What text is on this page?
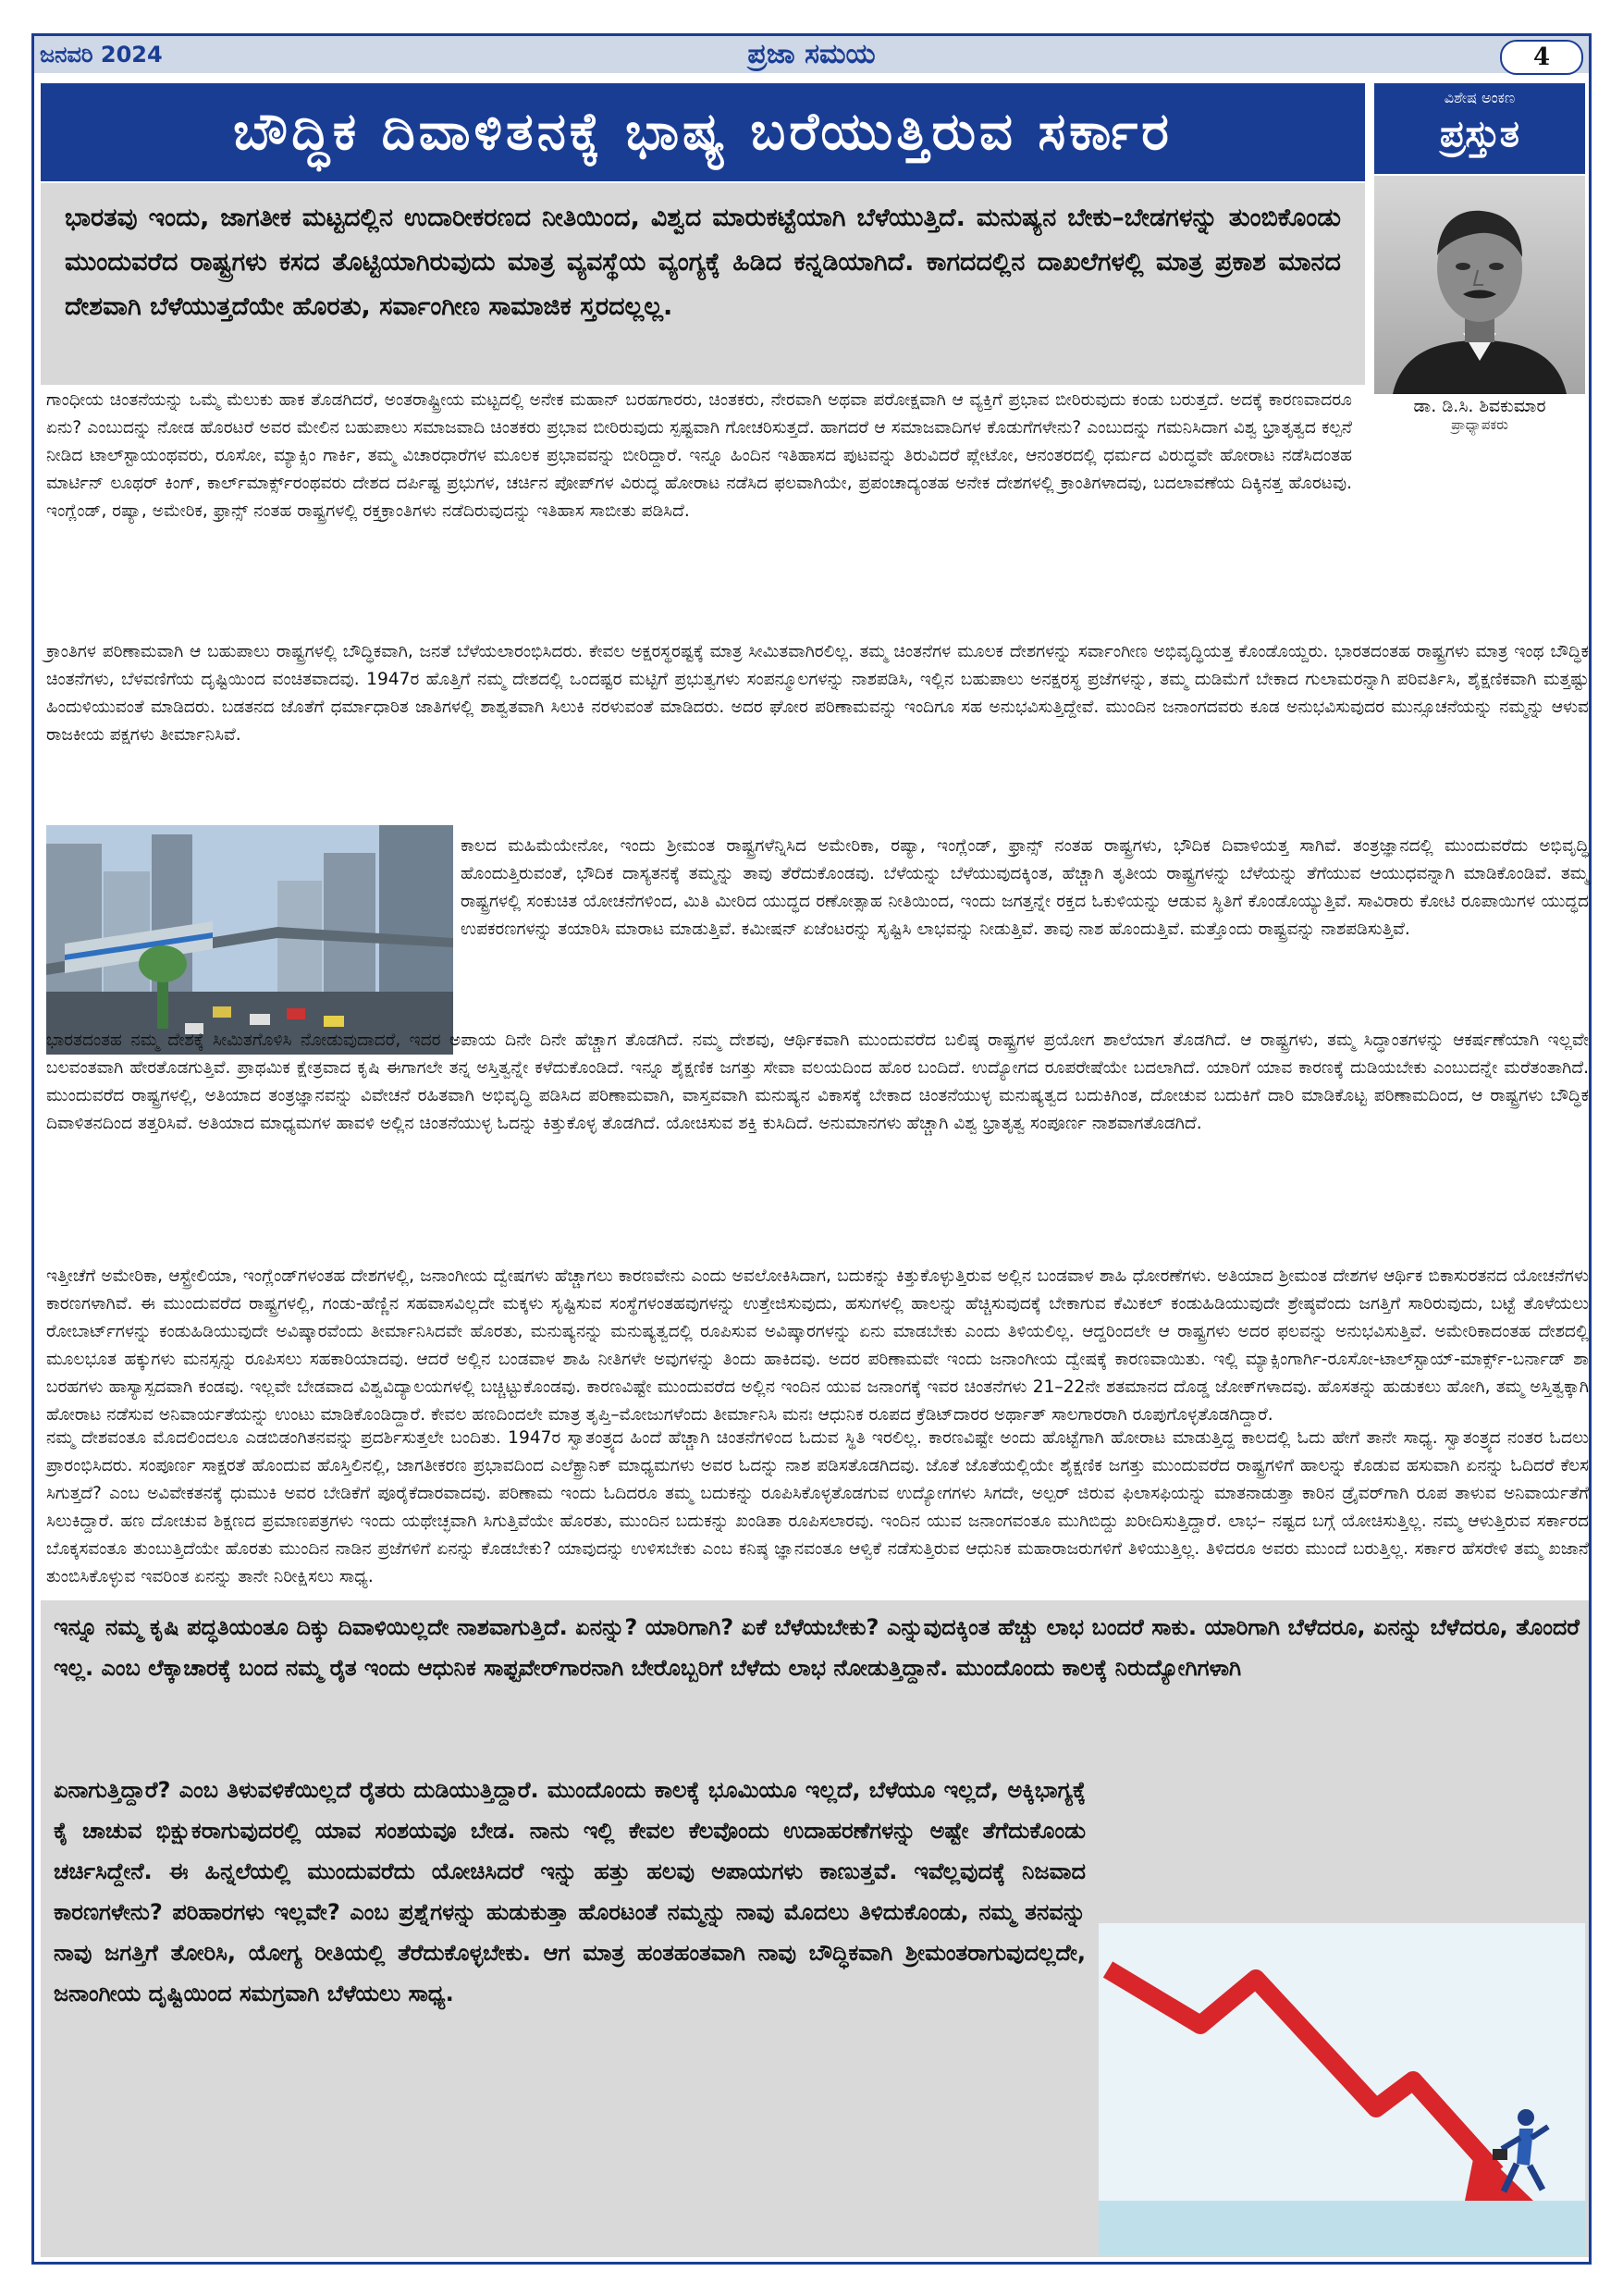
ಜನವರಿ 2024	ಪ್ರಜಾ ಸಮಯ	4
ಬೌದ್ಧಿಕ ದಿವಾಳಿತನಕ್ಕೆ ಭಾಷ್ಯ ಬರೆಯುತ್ತಿರುವ ಸರ್ಕಾರ
ಭಾರತವು ಇಂದು, ಜಾಗತೀಕ ಮಟ್ಟದಲ್ಲಿನ ಉದಾರೀಕರಣದ ನೀತಿಯಿಂದ, ವಿಶ್ವದ ಮಾರುಕಟ್ಟೆಯಾಗಿ ಬೆಳೆಯುತ್ತಿದೆ. ಮನುಷ್ಯನ ಬೇಕು–ಬೇಡಗಳನ್ನು ತುಂಬಿಕೊಂಡು ಮುಂದುವರೆದ ರಾಷ್ಟ್ರಗಳು ಕಸದ ತೊಟ್ಟಿಯಾಗಿರುವುದು ಮಾತ್ರ ವ್ಯವಸ್ಥೆಯ ವ್ಯಂಗ್ಯಕ್ಕೆ ಹಿಡಿದ ಕನ್ನಡಿಯಾಗಿದೆ. ಕಾಗದದಲ್ಲಿನ ದಾಖಲೆಗಳಲ್ಲಿ ಮಾತ್ರ ಪ್ರಕಾಶ ಮಾನದ ದೇಶವಾಗಿ ಬೆಳೆಯುತ್ತದೆಯೇ ಹೊರತು, ಸರ್ವಾಂಗೀಣ ಸಾಮಾಜಿಕ ಸ್ತರದಲ್ಲಲ್ಲ.
ವಿಶೇಷ ಅಂಕಣ
ಪ್ರಸ್ತುತ
ಡಾ. ಡಿ.ಸಿ. ಶಿವಕುಮಾರ
ಪ್ರಾಧ್ಯಾಪಕರು

ಗಾಂಧೀಯ ಚಿಂತನೆಯನ್ನು ಒಮ್ಮೆ ಮೆಲುಕು ಹಾಕ ತೊಡಗಿದರೆ, ಅಂತರಾಷ್ಟ್ರೀಯ ಮಟ್ಟದಲ್ಲಿ ಅನೇಕ ಮಹಾನ್ ಬರಹಗಾರರು, ಚಿಂತಕರು, ನೇರವಾಗಿ ಅಥವಾ ಪರೋಕ್ಷವಾಗಿ ಆ ವ್ಯಕ್ತಿಗೆ ಪ್ರಭಾವ ಬೀರಿರುವುದು ಕಂಡು ಬರುತ್ತದೆ. ಅದಕ್ಕೆ ಕಾರಣವಾದರೂ ಏನು? ಎಂಬುದನ್ನು ನೋಡ ಹೊರಟರೆ ಅವರ ಮೇಲಿನ ಬಹುಪಾಲು ಸಮಾಜವಾದಿ ಚಿಂತಕರು ಪ್ರಭಾವ ಬೀರಿರುವುದು ಸ್ಪಷ್ಟವಾಗಿ ಗೋಚರಿಸುತ್ತದೆ. ಹಾಗದರೆ ಆ ಸಮಾಜವಾದಿಗಳ ಕೊಡುಗೆಗಳೇನು? ಎಂಬುದನ್ನು ಗಮನಿಸಿದಾಗ ವಿಶ್ವ ಭ್ರಾತೃತ್ವದ ಕಲ್ಪನೆ ನೀಡಿದ ಟಾಲ್‌ಸ್ಟಾಯಂಥವರು, ರೂಸೋ, ಮ್ಯಾಕ್ಸಿಂ ಗಾರ್ಕಿ, ತಮ್ಮ ವಿಚಾರಧಾರೆಗಳ ಮೂಲಕ ಪ್ರಭಾವವನ್ನು ಬೀರಿದ್ದಾರೆ. ಇನ್ನೂ ಹಿಂದಿನ ಇತಿಹಾಸದ ಪುಟವನ್ನು ತಿರುವಿದರೆ ಪ್ಲೇಟೋ, ಆನಂತರದಲ್ಲಿ ಧರ್ಮದ ವಿರುದ್ಧವೇ ಹೋರಾಟ ನಡೆಸಿದಂತಹ ಮಾರ್ಟಿನ್ ಲೂಥರ್ ಕಿಂಗ್, ಕಾರ್ಲ್‌ಮಾರ್ಕ್ಸ್‌ರಂಥವರು ದೇಶದ ದರ್ಪಿಷ್ಟ ಪ್ರಭುಗಳ, ಚರ್ಚಿನ ಪೋಪ್‌ಗಳ ವಿರುದ್ಧ ಹೋರಾಟ ನಡೆಸಿದ ಫಲವಾಗಿಯೇ, ಪ್ರಪಂಚಾದ್ಯಂತಹ ಅನೇಕ ದೇಶಗಳಲ್ಲಿ ಕ್ರಾಂತಿಗಳಾದವು, ಬದಲಾವಣೆಯ ದಿಕ್ಕಿನತ್ತ ಹೊರಟವು. ಇಂಗ್ಲೆಂಡ್, ರಷ್ಯಾ, ಅಮೇರಿಕ, ಫ್ರಾನ್ಸ್ ನಂತಹ ರಾಷ್ಟ್ರಗಳಲ್ಲಿ ರಕ್ತಕ್ರಾಂತಿಗಳು ನಡೆದಿರುವುದನ್ನು ಇತಿಹಾಸ ಸಾಬೀತು ಪಡಿಸಿದೆ.

ಕ್ರಾಂತಿಗಳ ಪರಿಣಾಮವಾಗಿ ಆ ಬಹುಪಾಲು ರಾಷ್ಟ್ರಗಳಲ್ಲಿ ಬೌದ್ಧಿಕವಾಗಿ, ಜನತೆ ಬೆಳೆಯಲಾರಂಭಿಸಿದರು. ಕೇವಲ ಅಕ್ಷರಸ್ಥರಷ್ಟಕ್ಕೆ ಮಾತ್ರ ಸೀಮಿತವಾಗಿರಲಿಲ್ಲ. ತಮ್ಮ ಚಿಂತನೆಗಳ ಮೂಲಕ ದೇಶಗಳನ್ನು ಸರ್ವಾಂಗೀಣ ಅಭಿವೃದ್ಧಿಯತ್ತ ಕೊಂಡೊಯ್ದರು. ಭಾರತದಂತಹ ರಾಷ್ಟ್ರಗಳು ಮಾತ್ರ ಇಂಥ ಬೌದ್ಧಿಕ ಚಿಂತನೆಗಳು, ಬೆಳವಣಿಗೆಯ ದೃಷ್ಟಿಯಿಂದ ವಂಚಿತವಾದವು. 1947ರ ಹೊತ್ತಿಗೆ ನಮ್ಮ ದೇಶದಲ್ಲಿ ಒಂದಷ್ಟರ ಮಟ್ಟಿಗೆ ಪ್ರಭುತ್ವಗಳು ಸಂಪನ್ಮೂಲಗಳನ್ನು ನಾಶಪಡಿಸಿ, ಇಲ್ಲಿನ ಬಹುಪಾಲು ಅನಕ್ಷರಸ್ಥ ಪ್ರಜೆಗಳನ್ನು, ತಮ್ಮ ದುಡಿಮೆಗೆ ಬೇಕಾದ ಗುಲಾಮರನ್ನಾಗಿ ಪರಿವರ್ತಿಸಿ, ಶೈಕ್ಷಣಿಕವಾಗಿ ಮತ್ತಷ್ಟು ಹಿಂದುಳಿಯುವಂತೆ ಮಾಡಿದರು. ಬಡತನದ ಜೊತೆಗೆ ಧರ್ಮಾಧಾರಿತ ಜಾತಿಗಳಲ್ಲಿ ಶಾಶ್ವತವಾಗಿ ಸಿಲುಕಿ ನರಳುವಂತೆ ಮಾಡಿದರು. ಅದರ ಘೋರ ಪರಿಣಾಮವನ್ನು ಇಂದಿಗೂ ಸಹ ಅನುಭವಿಸುತ್ತಿದ್ದೇವೆ. ಮುಂದಿನ ಜನಾಂಗದವರು ಕೂಡ ಅನುಭವಿಸುವುದರ ಮುನ್ಸೂಚನೆಯನ್ನು ನಮ್ಮನ್ನು ಆಳುವ ರಾಜಕೀಯ ಪಕ್ಷಗಳು ತೀರ್ಮಾನಿಸಿವೆ.

ಕಾಲದ ಮಹಿಮೆಯೇನೋ, ಇಂದು ಶ್ರೀಮಂತ ರಾಷ್ಟ್ರಗಳೆನ್ನಿಸಿದ ಅಮೇರಿಕಾ, ರಷ್ಯಾ, ಇಂಗ್ಲೆಂಡ್, ಫ್ರಾನ್ಸ್ ನಂತಹ ರಾಷ್ಟ್ರಗಳು, ಭೌದಿಕ ದಿವಾಳಿಯತ್ತ ಸಾಗಿವೆ. ತಂತ್ರಜ್ಞಾನದಲ್ಲಿ ಮುಂದುವರೆದು ಅಭಿವೃದ್ಧಿ ಹೊಂದುತ್ತಿರುವಂತೆ, ಭೌದಿಕ ದಾಸ್ಯತನಕ್ಕೆ ತಮ್ಮನ್ನು ತಾವು ತೆರೆದುಕೊಂಡವು. ಬೆಳೆಯನ್ನು ಬೆಳೆಯುವುದಕ್ಕಿಂತ, ಹೆಚ್ಚಾಗಿ ತೃತೀಯ ರಾಷ್ಟ್ರಗಳನ್ನು ಬೆಳೆಯನ್ನು ತೆಗೆಯುವ ಆಯುಧವನ್ನಾಗಿ ಮಾಡಿಕೊಂಡಿವೆ. ತಮ್ಮ ರಾಷ್ಟ್ರಗಳಲ್ಲಿ ಸಂಕುಚಿತ ಯೋಚನೆಗಳಿಂದ, ಮಿತಿ ಮೀರಿದ ಯುದ್ಧದ ರಣೋತ್ಸಾಹ ನೀತಿಯಿಂದ, ಇಂದು ಜಗತ್ತನ್ನೇ ರಕ್ತದ ಓಕುಳಿಯನ್ನು ಆಡುವ ಸ್ಥಿತಿಗೆ ಕೊಂಡೊಯ್ಯುತ್ತಿವೆ. ಸಾವಿರಾರು ಕೋಟಿ ರೂಪಾಯಿಗಳ ಯುದ್ಧದ ಉಪಕರಣಗಳನ್ನು ತಯಾರಿಸಿ ಮಾರಾಟ ಮಾಡುತ್ತಿವೆ. ಕಮೀಷನ್ ಏಜೆಂಟರನ್ನು ಸೃಷ್ಟಿಸಿ ಲಾಭವನ್ನು ನೀಡುತ್ತಿವೆ. ತಾವು ನಾಶ ಹೊಂದುತ್ತಿವೆ. ಮತ್ತೊಂದು ರಾಷ್ಟ್ರವನ್ನು ನಾಶಪಡಿಸುತ್ತಿವೆ.

ಭಾರತದಂತಹ ನಮ್ಮ ದೇಶಕ್ಕೆ ಸೀಮಿತಗೊಳಿಸಿ ನೋಡುವುದಾದರೆ, ಇದರ ಅಪಾಯ ದಿನೇ ದಿನೇ ಹೆಚ್ಚಾಗ ತೊಡಗಿದೆ. ನಮ್ಮ ದೇಶವು, ಆರ್ಥಿಕವಾಗಿ ಮುಂದುವರೆದ ಬಲಿಷ್ಠ ರಾಷ್ಟ್ರಗಳ ಪ್ರಯೋಗ ಶಾಲೆಯಾಗ ತೊಡಗಿದೆ. ಆ ರಾಷ್ಟ್ರಗಳು, ತಮ್ಮ ಸಿದ್ಧಾಂತಗಳನ್ನು ಆಕರ್ಷಣೆಯಾಗಿ ಇಲ್ಲವೇ ಬಲವಂತವಾಗಿ ಹೇರತೊಡಗುತ್ತಿವೆ. ಪ್ರಾಥಮಿಕ ಕ್ಷೇತ್ರವಾದ ಕೃಷಿ ಈಗಾಗಲೇ ತನ್ನ ಅಸ್ತಿತ್ವನ್ನೇ ಕಳೆದುಕೊಂಡಿದೆ. ಇನ್ನೂ ಶೈಕ್ಷಣಿಕ ಜಗತ್ತು ಸೇವಾ ವಲಯದಿಂದ ಹೊರ ಬಂದಿದೆ. ಉದ್ಯೋಗದ ರೂಪರೇಷೆಯೇ ಬದಲಾಗಿದೆ. ಯಾರಿಗೆ ಯಾವ ಕಾರಣಕ್ಕೆ ದುಡಿಯಬೇಕು ಎಂಬುದನ್ನೇ ಮರೆತಂತಾಗಿದೆ. ಮುಂದುವರೆದ ರಾಷ್ಟ್ರಗಳಲ್ಲಿ, ಅತಿಯಾದ ತಂತ್ರಜ್ಞಾನವನ್ನು ವಿವೇಚನೆ ರಹಿತವಾಗಿ ಅಭಿವೃದ್ಧಿ ಪಡಿಸಿದ ಪರಿಣಾಮವಾಗಿ, ವಾಸ್ತವವಾಗಿ ಮನುಷ್ಯನ ವಿಕಾಸಕ್ಕೆ ಬೇಕಾದ ಚಿಂತನೆಯುಳ್ಳ ಮನುಷ್ಯತ್ವದ ಬದುಕಿಗಿಂತ, ದೋಚುವ ಬದುಕಿಗೆ ದಾರಿ ಮಾಡಿಕೊಟ್ಟ ಪರಿಣಾಮದಿಂದ, ಆ ರಾಷ್ಟ್ರಗಳು ಬೌದ್ಧಿಕ ದಿವಾಳಿತನದಿಂದ ತತ್ತರಿಸಿವೆ. ಅತಿಯಾದ ಮಾಧ್ಯಮಗಳ ಹಾವಳಿ ಅಲ್ಲಿನ ಚಿಂತನೆಯುಳ್ಳ ಓದನ್ನು ಕಿತ್ತುಕೊಳ್ಳ ತೊಡಗಿದೆ. ಯೋಚಿಸುವ ಶಕ್ತಿ ಕುಸಿದಿದೆ. ಅನುಮಾನಗಳು ಹೆಚ್ಚಾಗಿ ವಿಶ್ವ ಭ್ರಾತೃತ್ವ ಸಂಪೂರ್ಣ ನಾಶವಾಗತೊಡಗಿದೆ.

ಇತ್ತೀಚೆಗೆ ಅಮೇರಿಕಾ, ಆಸ್ಟ್ರೇಲಿಯಾ, ಇಂಗ್ಲೆಂಡ್‌ಗಳಂತಹ ದೇಶಗಳಲ್ಲಿ, ಜನಾಂಗೀಯ ದ್ವೇಷಗಳು ಹೆಚ್ಚಾಗಲು ಕಾರಣವೇನು ಎಂದು ಅವಲೋಕಿಸಿದಾಗ, ಬದುಕನ್ನು ಕಿತ್ತುಕೊಳ್ಳುತ್ತಿರುವ ಅಲ್ಲಿನ ಬಂಡವಾಳ ಶಾಹಿ ಧೋರಣೆಗಳು. ಅತಿಯಾದ ಶ್ರೀಮಂತ ದೇಶಗಳ ಆರ್ಥಿಕ ಬಿಕಾಸುರತನದ ಯೋಚನೆಗಳು ಕಾರಣಗಳಾಗಿವೆ. ಈ ಮುಂದುವರೆದ ರಾಷ್ಟ್ರಗಳಲ್ಲಿ, ಗಂಡು-ಹೆಣ್ಣಿನ ಸಹವಾಸವಿಲ್ಲದೇ ಮಕ್ಕಳು ಸೃಷ್ಟಿಸುವ ಸಂಸ್ಥೆಗಳಂತಹವುಗಳನ್ನು ಉತ್ತೇಜಿಸುವುದು, ಹಸುಗಳಲ್ಲಿ ಹಾಲನ್ನು ಹೆಚ್ಚಿಸುವುದಕ್ಕೆ ಬೇಕಾಗುವ ಕೆಮಿಕಲ್ ಕಂಡುಹಿಡಿಯುವುದೇ ಶ್ರೇಷ್ಠವೆಂದು ಜಗತ್ತಿಗೆ ಸಾರಿರುವುದು, ಬಟ್ಟೆ ತೊಳೆಯಲು ರೋಬಾರ್ಟ್‌ಗಳನ್ನು ಕಂಡುಹಿಡಿಯುವುದೇ ಅವಿಷ್ಕಾರವೆಂದು ತೀರ್ಮಾನಿಸಿದವೇ ಹೊರತು, ಮನುಷ್ಯನನ್ನು ಮನುಷ್ಯತ್ವದಲ್ಲಿ ರೂಪಿಸುವ ಅವಿಷ್ಕಾರಗಳನ್ನು ಏನು ಮಾಡಬೇಕು ಎಂದು ತಿಳಿಯಲಿಲ್ಲ. ಆದ್ದರಿಂದಲೇ ಆ ರಾಷ್ಟ್ರಗಳು ಅದರ ಫಲವನ್ನು ಅನುಭವಿಸುತ್ತಿವೆ. ಅಮೇರಿಕಾದಂತಹ ದೇಶದಲ್ಲಿ ಮೂಲಭೂತ ಹಕ್ಕುಗಳು ಮನಸ್ಸನ್ನು ರೂಪಿಸಲು ಸಹಕಾರಿಯಾದವು. ಆದರೆ ಅಲ್ಲಿನ ಬಂಡವಾಳ ಶಾಹಿ ನೀತಿಗಳೇ ಅವುಗಳನ್ನು ತಿಂದು ಹಾಕಿದವು. ಅದರ ಪರಿಣಾಮವೇ ಇಂದು ಜನಾಂಗೀಯ ದ್ವೇಷಕ್ಕೆ ಕಾರಣವಾಯಿತು. ಇಲ್ಲಿ ಮ್ಯಾಕ್ಸಿಂಗಾರ್ಗಿ-ರೂಸೋ-ಟಾಲ್‌ಸ್ಟಾಯ್-ಮಾರ್ಕ್ಸ್-ಬರ್ನಾಡ್ ಶಾ ಬರಹಗಳು ಹಾಸ್ಯಾಸ್ಪದವಾಗಿ ಕಂಡವು. ಇಲ್ಲವೇ ಬೇಡವಾದ ವಿಶ್ವವಿದ್ಯಾಲಯಗಳಲ್ಲಿ ಬಚ್ಚಿಟ್ಟುಕೊಂಡವು. ಕಾರಣವಿಷ್ಟೇ ಮುಂದುವರೆದ ಅಲ್ಲಿನ ಇಂದಿನ ಯುವ ಜನಾಂಗಕ್ಕೆ ಇವರ ಚಿಂತನೆಗಳು 21–22ನೇ ಶತಮಾನದ ದೊಡ್ಡ ಜೋಕ್‌ಗಳಾದವು. ಹೊಸತನ್ನು ಹುಡುಕಲು ಹೋಗಿ, ತಮ್ಮ ಅಸ್ತಿತ್ವಕ್ಕಾಗಿ ಹೋರಾಟ ನಡೆಸುವ ಅನಿವಾರ್ಯತೆಯನ್ನು ಉಂಟು ಮಾಡಿಕೊಂಡಿದ್ದಾರೆ. ಕೇವಲ ಹಣದಿಂದಲೇ ಮಾತ್ರ ತೃಪ್ತಿ–ಮೋಜುಗಳೆಂದು ತೀರ್ಮಾನಿಸಿ ಮನಃ ಆಧುನಿಕ ರೂಪದ ಕ್ರೆಡಿಟ್‌ದಾರರ ಅರ್ಥಾತ್ ಸಾಲಗಾರರಾಗಿ ರೂಪುಗೊಳ್ಳತೊಡಗಿದ್ದಾರೆ.

ನಮ್ಮ ದೇಶವಂತೂ ಮೊದಲಿಂದಲೂ ಎಡಬಿಡಂಗಿತನವನ್ನು ಪ್ರದರ್ಶಿಸುತ್ತಲೇ ಬಂದಿತು. 1947ರ ಸ್ವಾತಂತ್ರ್ಯದ ಹಿಂದೆ ಹೆಚ್ಚಾಗಿ ಚಿಂತನೆಗಳಿಂದ ಓದುವ ಸ್ಥಿತಿ ಇರಲಿಲ್ಲ. ಕಾರಣವಿಷ್ಟೇ ಅಂದು ಹೊಟ್ಟೆಗಾಗಿ ಹೋರಾಟ ಮಾಡುತ್ತಿದ್ದ ಕಾಲದಲ್ಲಿ ಓದು ಹೇಗೆ ತಾನೇ ಸಾಧ್ಯ. ಸ್ವಾತಂತ್ರ್ಯದ ನಂತರ ಓದಲು ಪ್ರಾರಂಭಿಸಿದರು. ಸಂಪೂರ್ಣ ಸಾಕ್ಷರತೆ ಹೊಂದುವ ಹೊಸ್ತಿಲಿನಲ್ಲಿ, ಜಾಗತೀಕರಣ ಪ್ರಭಾವದಿಂದ ಎಲೆಕ್ಟ್ರಾನಿಕ್ ಮಾಧ್ಯಮಗಳು ಅವರ ಓದನ್ನು ನಾಶ ಪಡಿಸತೊಡಗಿದವು. ಜೊತೆ ಜೊತೆಯಲ್ಲಿಯೇ ಶೈಕ್ಷಣಿಕ ಜಗತ್ತು ಮುಂದುವರೆದ ರಾಷ್ಟ್ರಗಳಿಗೆ ಹಾಲನ್ನು ಕೊಡುವ ಹಸುವಾಗಿ ಏನನ್ನು ಓದಿದರೆ ಕೆಲಸ ಸಿಗುತ್ತದೆ? ಎಂಬ ಅವಿವೇಕತನಕ್ಕೆ ಧುಮುಕಿ ಅವರ ಬೇಡಿಕೆಗೆ ಪೂರೈಕೆದಾರವಾದವು. ಪರಿಣಾಮ ಇಂದು ಓದಿದರೂ ತಮ್ಮ ಬದುಕನ್ನು ರೂಪಿಸಿಕೊಳ್ಳತೊಡಗುವ ಉದ್ಯೋಗಗಳು ಸಿಗದೇ, ಅಲ್ಪರ್ ಜಿರುವ ಫಿಲಾಸಫಿಯನ್ನು ಮಾತನಾಡುತ್ತಾ ಕಾರಿನ ಡ್ರೈವರ್‌ಗಾಗಿ ರೂಪ ತಾಳುವ ಅನಿವಾರ್ಯತೆಗೆ ಸಿಲುಕಿದ್ದಾರೆ. ಹಣ ದೋಚುವ ಶಿಕ್ಷಣದ ಪ್ರಮಾಣಪತ್ರಗಳು ಇಂದು ಯಥೇಚ್ಛವಾಗಿ ಸಿಗುತ್ತಿವೆಯೇ ಹೊರತು, ಮುಂದಿನ ಬದುಕನ್ನು ಖಂಡಿತಾ ರೂಪಿಸಲಾರವು. ಇಂದಿನ ಯುವ ಜನಾಂಗವಂತೂ ಮುಗಿಬಿದ್ದು ಖರೀದಿಸುತ್ತಿದ್ದಾರೆ. ಲಾಭ– ನಷ್ಟದ ಬಗ್ಗೆ ಯೋಚಿಸುತ್ತಿಲ್ಲ. ನಮ್ಮ ಆಳುತ್ತಿರುವ ಸರ್ಕಾರದ ಬೊಕ್ಕಸವಂತೂ ತುಂಬುತ್ತಿದೆಯೇ ಹೊರತು ಮುಂದಿನ ನಾಡಿನ ಪ್ರಜೆಗಳಿಗೆ ಏನನ್ನು ಕೊಡಬೇಕು? ಯಾವುದನ್ನು ಉಳಿಸಬೇಕು ಎಂಬ ಕನಿಷ್ಠ ಜ್ಞಾನವಂತೂ ಆಳ್ವಿಕೆ ನಡೆಸುತ್ತಿರುವ ಆಧುನಿಕ ಮಹಾರಾಜರುಗಳಿಗೆ ತಿಳಿಯುತ್ತಿಲ್ಲ. ತಿಳಿದರೂ ಅವರು ಮುಂದೆ ಬರುತ್ತಿಲ್ಲ. ಸರ್ಕಾರ ಹೆಸರೇಳಿ ತಮ್ಮ ಖಜಾನೆ ತುಂಬಿಸಿಕೊಳ್ಳುವ ಇವರಿಂತ ಏನನ್ನು ತಾನೇ ನಿರೀಕ್ಷಿಸಲು ಸಾಧ್ಯ.

ಇನ್ನೂ ನಮ್ಮ ಕೃಷಿ ಪದ್ಧತಿಯಂತೂ ದಿಕ್ಕು ದಿವಾಳಿಯಿಲ್ಲದೇ ನಾಶವಾಗುತ್ತಿದೆ. ಏನನ್ನು? ಯಾರಿಗಾಗಿ? ಏಕೆ ಬೆಳೆಯಬೇಕು? ಎನ್ನುವುದಕ್ಕಿಂತ ಹೆಚ್ಚು ಲಾಭ ಬಂದರೆ ಸಾಕು. ಯಾರಿಗಾಗಿ ಬೆಳೆದರೂ, ಏನನ್ನು ಬೆಳೆದರೂ, ತೊಂದರೆ ಇಲ್ಲ. ಎಂಬ ಲೆಕ್ಕಾಚಾರಕ್ಕೆ ಬಂದ ನಮ್ಮ ರೈತ ಇಂದು ಆಧುನಿಕ ಸಾಫ್ಟವೇರ್‌ಗಾರನಾಗಿ ಬೇರೊಬ್ಬರಿಗೆ ಬೆಳೆದು ಲಾಭ ನೋಡುತ್ತಿದ್ದಾನೆ. ಮುಂದೊಂದು ಕಾಲಕ್ಕೆ ನಿರುದ್ಯೋಗಿಗಳಾಗಿ

ಏನಾಗುತ್ತಿದ್ದಾರೆ? ಎಂಬ ತಿಳುವಳಿಕೆಯಿಲ್ಲದೆ ರೈತರು ದುಡಿಯುತ್ತಿದ್ದಾರೆ. ಮುಂದೊಂದು ಕಾಲಕ್ಕೆ ಭೂಮಿಯೂ ಇಲ್ಲದೆ, ಬೆಳೆಯೂ ಇಲ್ಲದೆ, ಅಕ್ಕಿಭಾಗ್ಯಕ್ಕೆ ಕೈ ಚಾಚುವ ಭಿಕ್ಷುಕರಾಗುವುದರಲ್ಲಿ ಯಾವ ಸಂಶಯವೂ ಬೇಡ. ನಾನು ಇಲ್ಲಿ ಕೇವಲ ಕೆಲವೊಂದು ಉದಾಹರಣೆಗಳನ್ನು ಅಷ್ಟೇ ತೆಗೆದುಕೊಂಡು ಚರ್ಚಿಸಿದ್ದೇನೆ. ಈ ಹಿನ್ನಲೆಯಲ್ಲಿ ಮುಂದುವರೆದು ಯೋಚಿಸಿದರೆ ಇನ್ನು ಹತ್ತು ಹಲವು ಅಪಾಯಗಳು ಕಾಣುತ್ತವೆ. ಇವೆಲ್ಲವುದಕ್ಕೆ ನಿಜವಾದ ಕಾರಣಗಳೇನು? ಪರಿಹಾರಗಳು ಇಲ್ಲವೇ? ಎಂಬ ಪ್ರಶ್ನೆಗಳನ್ನು ಹುಡುಕುತ್ತಾ ಹೊರಟಂತೆ ನಮ್ಮನ್ನು ನಾವು ಮೊದಲು ತಿಳಿದುಕೊಂಡು, ನಮ್ಮ ತನವನ್ನು ನಾವು ಜಗತ್ತಿಗೆ ತೋರಿಸಿ, ಯೋಗ್ಯ ರೀತಿಯಲ್ಲಿ ತೆರೆದುಕೊಳ್ಳಬೇಕು. ಆಗ ಮಾತ್ರ ಹಂತಹಂತವಾಗಿ ನಾವು ಬೌದ್ಧಿಕವಾಗಿ ಶ್ರೀಮಂತರಾಗುವುದಲ್ಲದೇ, ಜನಾಂಗೀಯ ದೃಷ್ಟಿಯಿಂದ ಸಮಗ್ರವಾಗಿ ಬೆಳೆಯಲು ಸಾಧ್ಯ.
